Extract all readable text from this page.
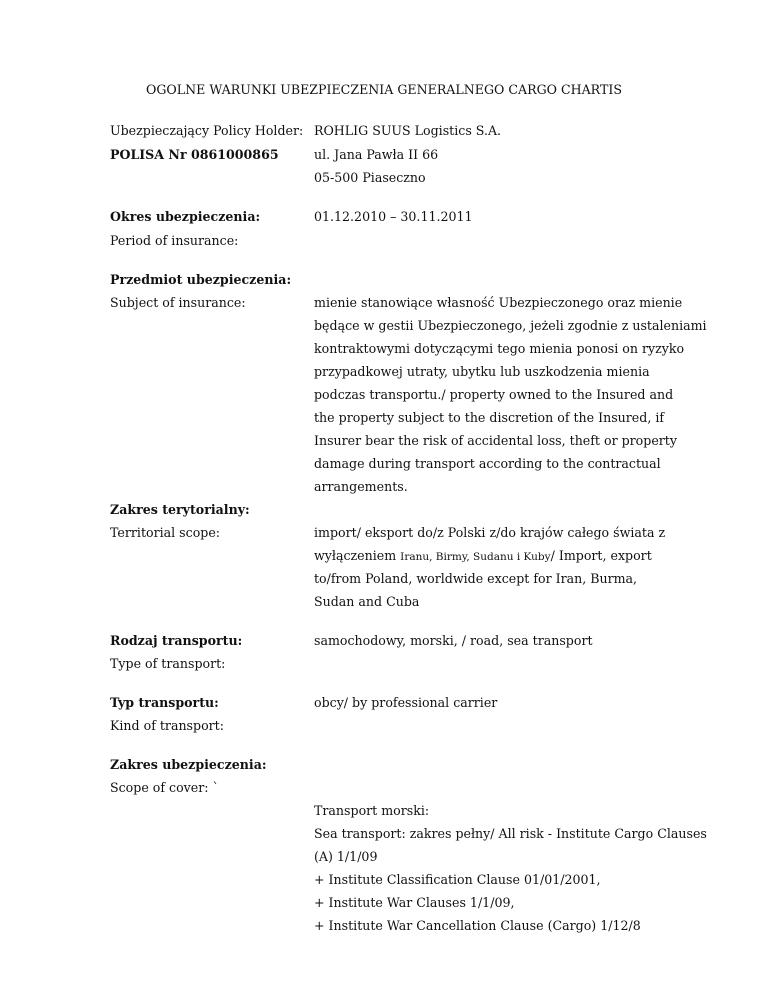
OGOLNE WARUNKI UBEZPIECZENIA GENERALNEGO CARGO CHARTIS
Ubezpieczający Policy Holder:
POLISA Nr 0861000865
ROHLIG SUUS Logistics S.A.
ul. Jana Pawła II 66
05-500 Piaseczno
Okres ubezpieczenia:
Period of insurance:
01.12.2010 – 30.11.2011
Przedmiot ubezpieczenia:
Subject of insurance:	mienie stanowiące własność Ubezpieczonego oraz mienie
będące w gestii Ubezpieczonego, jeżeli zgodnie z ustaleniami
kontraktowymi dotyczącymi tego mienia ponosi on ryzyko
przypadkowej utraty, ubytku lub uszkodzenia mienia
podczas transportu./ property owned to the Insured and
the property subject to the discretion of the Insured, if
Insurer bear the risk of accidental loss, theft or property
damage during transport according to the contractual
arrangements.
Zakres terytorialny:
Territorial scope:	import/ eksport do/z Polski z/do krajów całego świata z
wyłączeniem Iranu, Birmy, Sudanu i Kuby/ Import, export
to/from Poland, worldwide except for Iran, Burma,
Sudan and Cuba
Rodzaj transportu:
Type of transport:
samochodowy, morski, / road, sea transport
Typ transportu:
Kind of transport:
obcy/ by professional carrier
Zakres ubezpieczenia:
Scope of cover: `
Transport morski:
Sea transport: zakres pełny/ All risk - Institute Cargo Clauses
(A) 1/1/09
+ Institute Classification Clause 01/01/2001,
+ Institute War Clauses 1/1/09,
+ Institute War Cancellation Clause (Cargo) 1/12/8
